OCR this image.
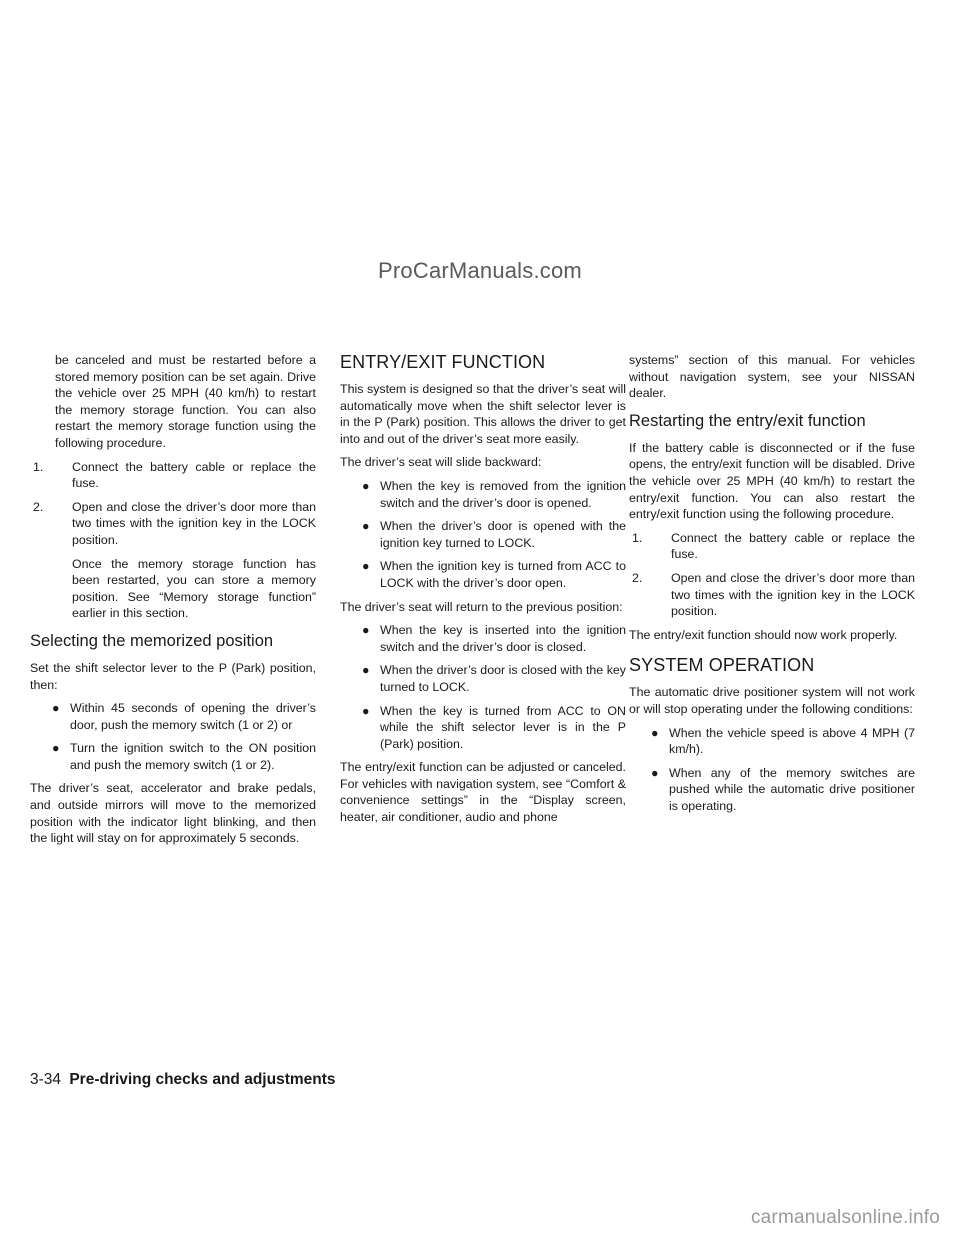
ProCarManuals.com

be canceled and must be restarted before a stored memory position can be set again. Drive the vehicle over 25 MPH (40 km/h) to restart the memory storage function. You can also restart the memory storage function using the following procedure.

1. Connect the battery cable or replace the fuse.
2. Open and close the driver’s door more than two times with the ignition key in the LOCK position.

Once the memory storage function has been restarted, you can store a memory position. See “Memory storage function” earlier in this section.

Selecting the memorized position

Set the shift selector lever to the P (Park) position, then:

● Within 45 seconds of opening the driver’s door, push the memory switch (1 or 2) or
● Turn the ignition switch to the ON position and push the memory switch (1 or 2).

The driver’s seat, accelerator and brake pedals, and outside mirrors will move to the memorized position with the indicator light blinking, and then the light will stay on for approximately 5 seconds.

ENTRY/EXIT FUNCTION

This system is designed so that the driver’s seat will automatically move when the shift selector lever is in the P (Park) position. This allows the driver to get into and out of the driver’s seat more easily.

The driver’s seat will slide backward:

● When the key is removed from the ignition switch and the driver’s door is opened.
● When the driver’s door is opened with the ignition key turned to LOCK.
● When the ignition key is turned from ACC to LOCK with the driver’s door open.

The driver’s seat will return to the previous position:

● When the key is inserted into the ignition switch and the driver’s door is closed.
● When the driver’s door is closed with the key turned to LOCK.
● When the key is turned from ACC to ON while the shift selector lever is in the P (Park) position.

The entry/exit function can be adjusted or canceled. For vehicles with navigation system, see “Comfort & convenience settings” in the “Display screen, heater, air conditioner, audio and phone

systems” section of this manual. For vehicles without navigation system, see your NISSAN dealer.

Restarting the entry/exit function

If the battery cable is disconnected or if the fuse opens, the entry/exit function will be disabled. Drive the vehicle over 25 MPH (40 km/h) to restart the entry/exit function. You can also restart the entry/exit function using the following procedure.

1. Connect the battery cable or replace the fuse.
2. Open and close the driver’s door more than two times with the ignition key in the LOCK position.

The entry/exit function should now work properly.

SYSTEM OPERATION

The automatic drive positioner system will not work or will stop operating under the following conditions:

● When the vehicle speed is above 4 MPH (7 km/h).
● When any of the memory switches are pushed while the automatic drive positioner is operating.
3-34 Pre-driving checks and adjustments
carmanualsonline.info
